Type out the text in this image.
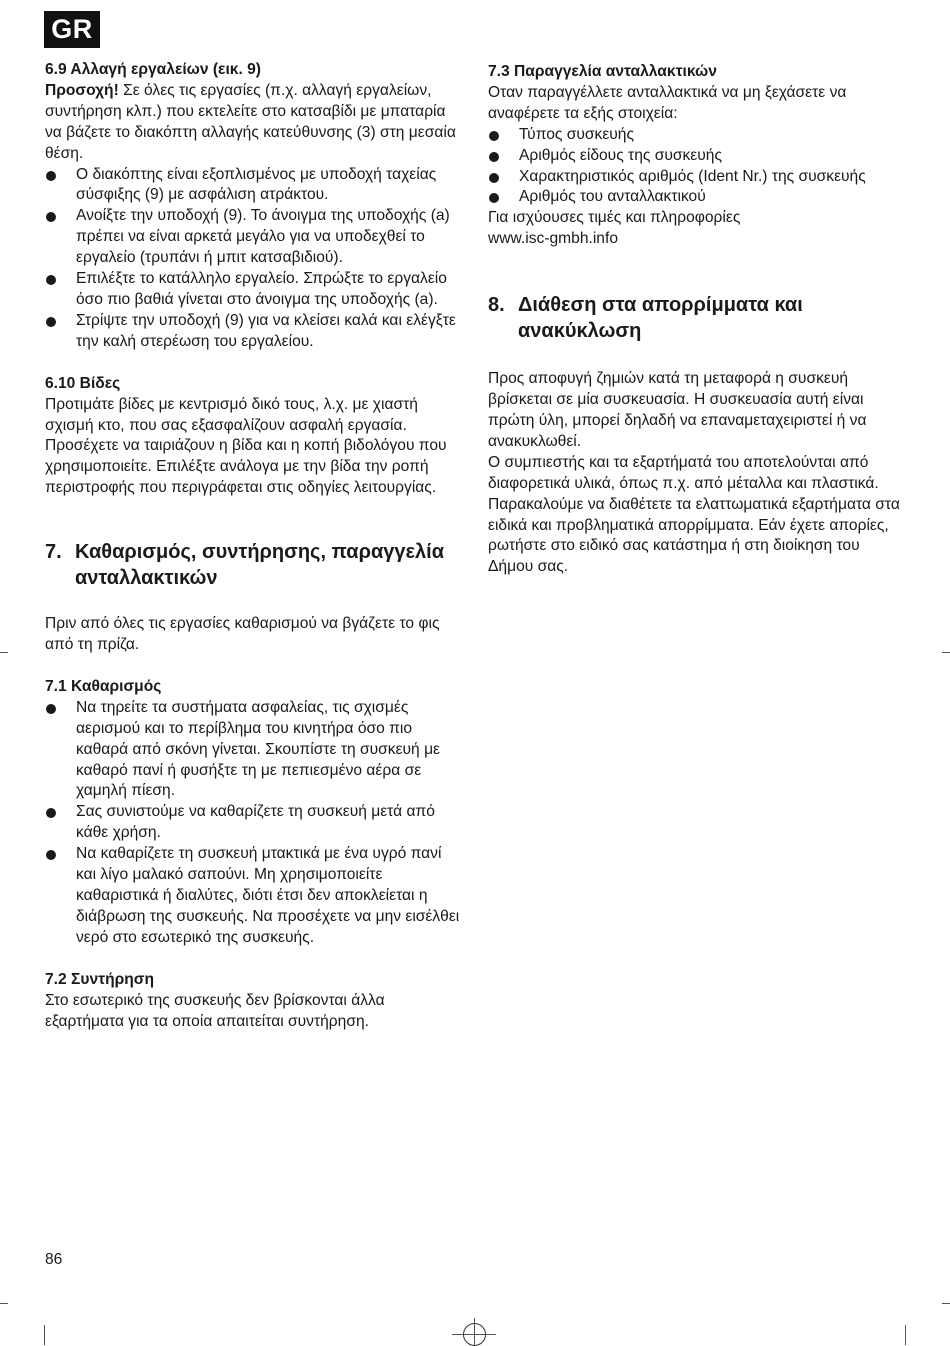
GR

6.9 Αλλαγή εργαλείων (εικ. 9)

Προσοχή! Σε όλες τις εργασίες (π.χ. αλλαγή εργαλείων, συντήρηση κλπ.) που εκτελείτε στο κατσαβίδι με μπαταρία να βάζετε το διακόπτη αλλαγής κατεύθυνσης (3) στη μεσαία θέση.

Ο διακόπτης είναι εξοπλισμένος με υποδοχή ταχείας σύσφιξης (9) με ασφάλιση ατράκτου.
Ανοίξτε την υποδοχή (9). Το άνοιγμα της υποδοχής (a) πρέπει να είναι αρκετά μεγάλο για να υποδεχθεί το εργαλείο (τρυπάνι ή μπιτ κατσαβιδιού).
Επιλέξτε το κατάλληλο εργαλείο. Σπρώξτε το εργαλείο όσο πιο βαθιά γίνεται στο άνοιγμα της υποδοχής (a).
Στρίψτε την υποδοχή (9) για να κλείσει καλά και ελέγξτε την καλή στερέωση του εργαλείου.

6.10 Βίδες

Προτιμάτε βίδες με κεντρισμό δικό τους, λ.χ. με χιαστή σχισμή κτο, που σας εξασφαλίζουν ασφαλή εργασία. Προσέχετε να ταιριάζουν η βίδα και η κοπή βιδολόγου που χρησιμοποιείτε. Επιλέξτε ανάλογα με την βίδα την ροπή περιστροφής που περιγράφεται στις οδηγίες λειτουργίας.

7. Καθαρισμός, συντήρησης, παραγγελία ανταλλακτικών

Πριν από όλες τις εργασίες καθαρισμού να βγάζετε το φις από τη πρίζα.

7.1 Καθαρισμός

Να τηρείτε τα συστήματα ασφαλείας, τις σχισμές αερισμού και το περίβλημα του κινητήρα όσο πιο καθαρά από σκόνη γίνεται. Σκουπίστε τη συσκευή με καθαρό πανί ή φυσήξτε τη με πεπιεσμένο αέρα σε χαμηλή πίεση.
Σας συνιστούμε να καθαρίζετε τη συσκευή μετά από κάθε χρήση.
Να καθαρίζετε τη συσκευή μτακτικά με ένα υγρό πανί και λίγο μαλακό σαπούνι. Μη χρησιμοποιείτε καθαριστικά ή διαλύτες, διότι έτσι δεν αποκλείεται η διάβρωση της συσκευής. Να προσέχετε να μην εισέλθει νερό στο εσωτερικό της συσκευής.

7.2 Συντήρηση

Στο εσωτερικό της συσκευής δεν βρίσκονται άλλα εξαρτήματα για τα οποία απαιτείται συντήρηση.

7.3 Παραγγελία ανταλλακτικών

Οταν παραγγέλλετε ανταλλακτικά να μη ξεχάσετε να αναφέρετε τα εξής στοιχεία:

Τύπος συσκευής
Αριθμός είδους της συσκευής
Χαρακτηριστικός αριθμός (Ident Nr.) της συσκευής
Αριθμός του ανταλλακτικού

Για ισχύουσες τιμές και πληροφορίες

www.isc-gmbh.info

8. Διάθεση στα απορρίμματα και ανακύκλωση

Προς αποφυγή ζημιών κατά τη μεταφορά η συσκευή βρίσκεται σε μία συσκευασία. Η συσκευασία αυτή είναι πρώτη ύλη, μπορεί δηλαδή να επαναμεταχειριστεί ή να ανακυκλωθεί.

Ο συμπιεστής και τα εξαρτήματά του αποτελούνται από διαφορετικά υλικά, όπως π.χ. από μέταλλα και πλαστικά. Παρακαλούμε να διαθέτετε τα ελαττωματικά εξαρτήματα στα ειδικά και προβληματικά απορρίμματα. Εάν έχετε απορίες, ρωτήστε στο ειδικό σας κατάστημα ή στη διοίκηση του Δήμου σας.

86
